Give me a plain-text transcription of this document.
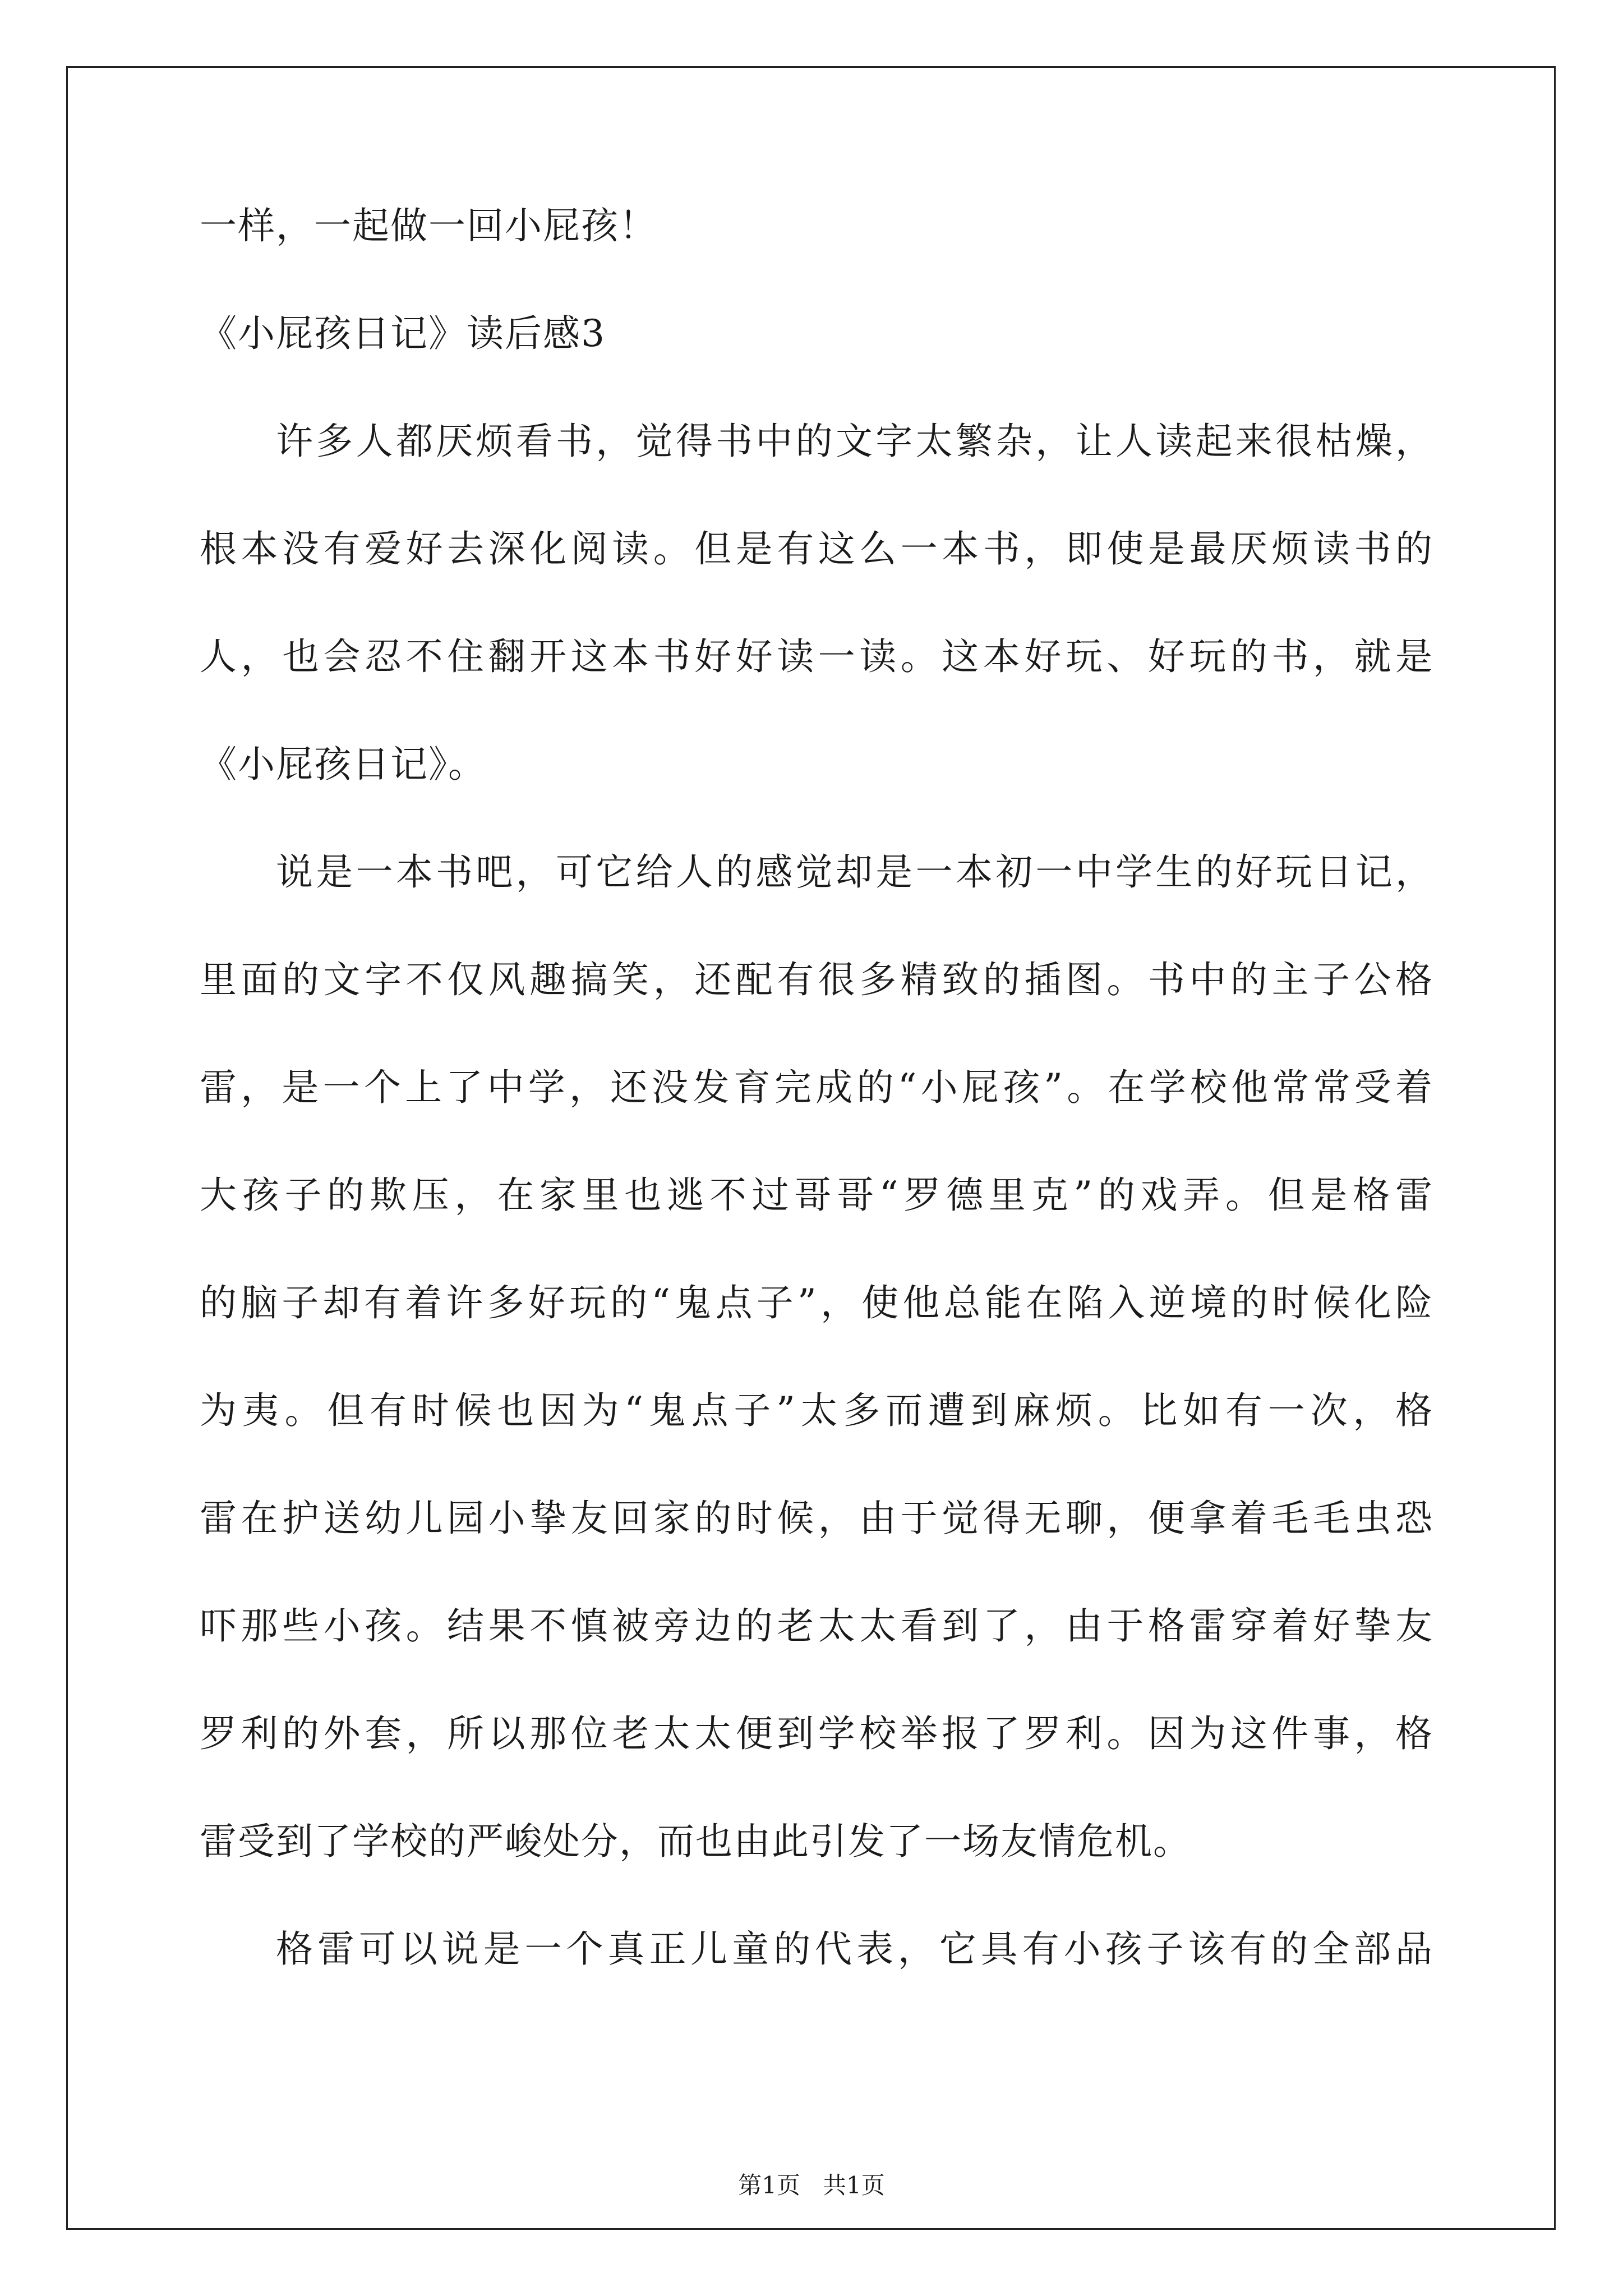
一样，一起做一回小屁孩！
《小屁孩日记》读后感3
许多人都厌烦看书，觉得书中的文字太繁杂，让人读起来很枯燥，
根本没有爱好去深化阅读。但是有这么一本书，即使是最厌烦读书的
人，也会忍不住翻开这本书好好读一读。这本好玩、好玩的书，就是
《小屁孩日记》。
说是一本书吧，可它给人的感觉却是一本初一中学生的好玩日记，
里面的文字不仅风趣搞笑，还配有很多精致的插图。书中的主子公格
雷，是一个上了中学，还没发育完成的“小屁孩”。在学校他常常受着
大孩子的欺压，在家里也逃不过哥哥“罗德里克”的戏弄。但是格雷
的脑子却有着许多好玩的“鬼点子”，使他总能在陷入逆境的时候化险
为夷。但有时候也因为“鬼点子”太多而遭到麻烦。比如有一次，格
雷在护送幼儿园小挚友回家的时候，由于觉得无聊，便拿着毛毛虫恐
吓那些小孩。结果不慎被旁边的老太太看到了，由于格雷穿着好挚友
罗利的外套，所以那位老太太便到学校举报了罗利。因为这件事，格
雷受到了学校的严峻处分，而也由此引发了一场友情危机。
格雷可以说是一个真正儿童的代表，它具有小孩子该有的全部品
第1页   共1页
